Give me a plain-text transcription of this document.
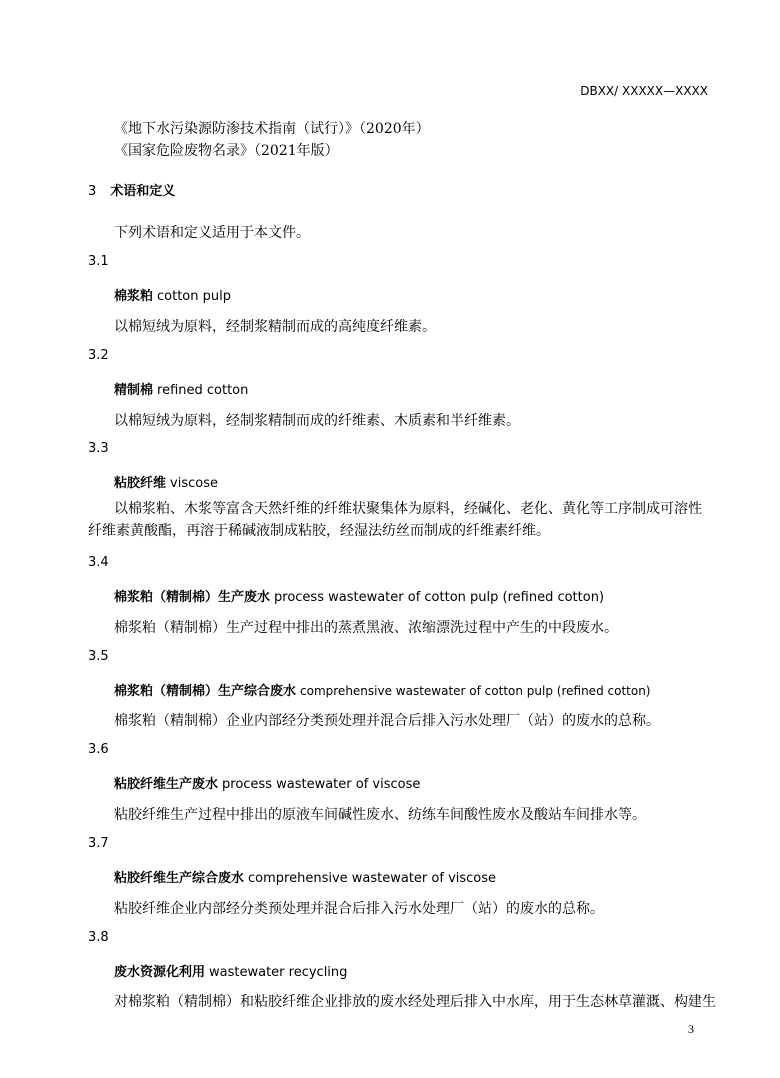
DBXX/ XXXXX—XXXX
《地下水污染源防渗技术指南（试行）》（2020年）
《国家危险废物名录》（2021年版）
3 术语和定义
下列术语和定义适用于本文件。
3.1
棉浆粕 cotton pulp
以棉短绒为原料，经制浆精制而成的高纯度纤维素。
3.2
精制棉 refined cotton
以棉短绒为原料，经制浆精制而成的纤维素、木质素和半纤维素。
3.3
粘胶纤维 viscose
以棉浆粕、木浆等富含天然纤维的纤维状聚集体为原料，经碱化、老化、黄化等工序制成可溶性纤维素黄酸酯，再溶于稀碱液制成粘胶，经湿法纺丝而制成的纤维素纤维。
3.4
棉浆粕（精制棉）生产废水 process wastewater of cotton pulp (refined cotton)
棉浆粕（精制棉）生产过程中排出的蒸煮黑液、浓缩漂洗过程中产生的中段废水。
3.5
棉浆粕（精制棉）生产综合废水 comprehensive wastewater of cotton pulp (refined cotton)
棉浆粕（精制棉）企业内部经分类预处理并混合后排入污水处理厂（站）的废水的总称。
3.6
粘胶纤维生产废水 process wastewater of viscose
粘胶纤维生产过程中排出的原液车间碱性废水、纺练车间酸性废水及酸站车间排水等。
3.7
粘胶纤维生产综合废水 comprehensive wastewater of viscose
粘胶纤维企业内部经分类预处理并混合后排入污水处理厂（站）的废水的总称。
3.8
废水资源化利用 wastewater recycling
对棉浆粕（精制棉）和粘胶纤维企业排放的废水经处理后排入中水库，用于生态林草灌溉、构建生
3
